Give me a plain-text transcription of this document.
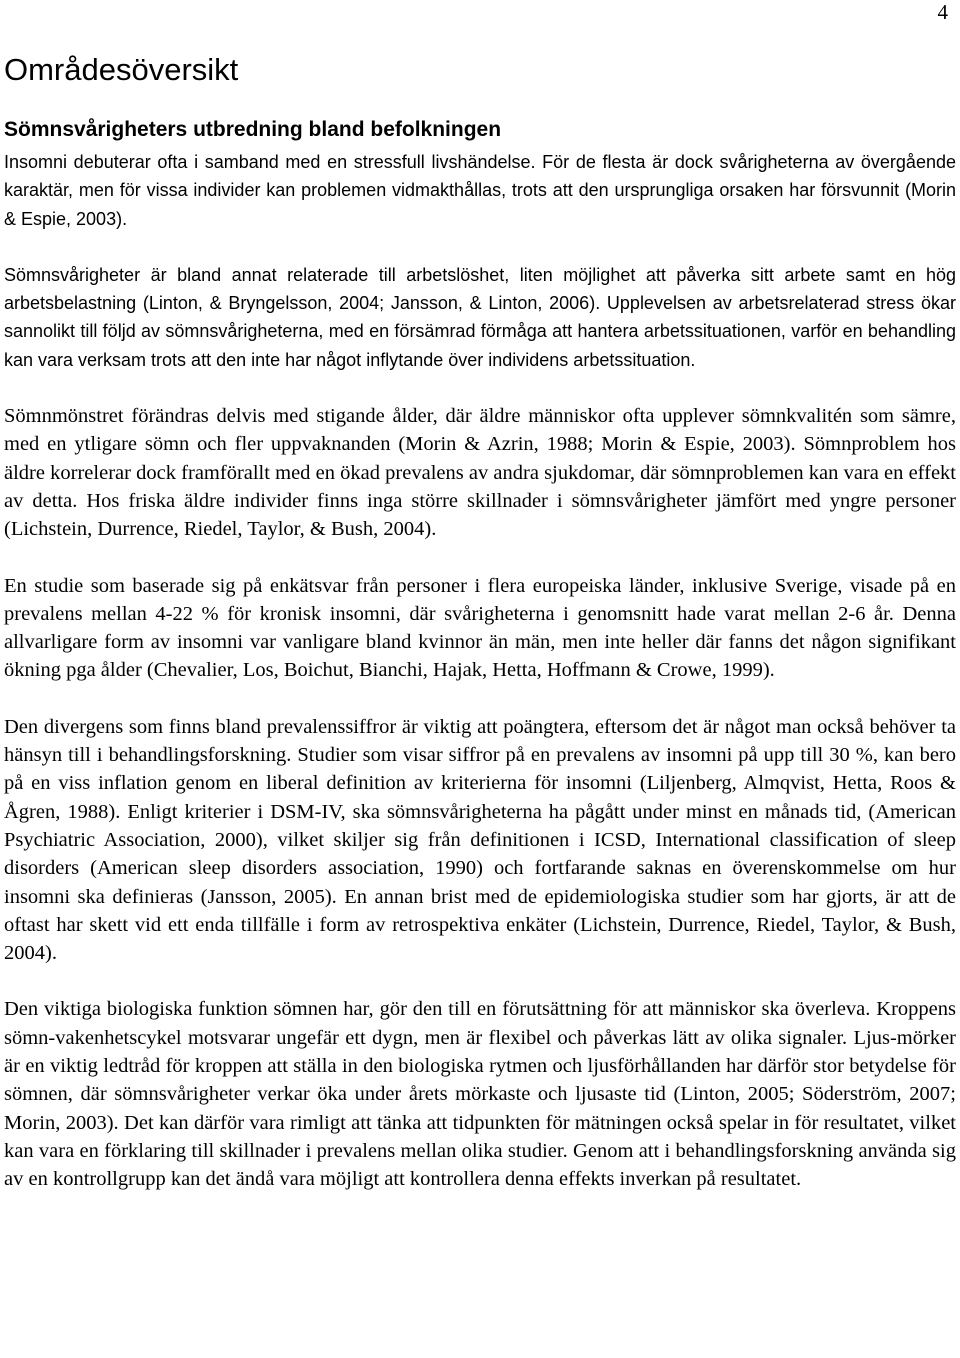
4
Områdesöversikt
Sömnsvårigheters utbredning bland befolkningen

Insomni debuterar ofta i samband med en stressfull livshändelse. För de flesta är dock svårigheterna av övergående karaktär, men för vissa individer kan problemen vidmakthållas, trots att den ursprungliga orsaken har försvunnit (Morin & Espie, 2003).

Sömnsvårigheter är bland annat relaterade till arbetslöshet, liten möjlighet att påverka sitt arbete samt en hög arbetsbelastning (Linton, & Bryngelsson, 2004; Jansson, & Linton, 2006). Upplevelsen av arbetsrelaterad stress ökar sannolikt till följd av sömnsvårigheterna, med en försämrad förmåga att hantera arbetssituationen, varför en behandling kan vara verksam trots att den inte har något inflytande över individens arbetssituation.

Sömnmönstret förändras delvis med stigande ålder, där äldre människor ofta upplever sömnkvalitén som sämre, med en ytligare sömn och fler uppvaknanden (Morin & Azrin, 1988; Morin & Espie, 2003). Sömnproblem hos äldre korrelerar dock framförallt med en ökad prevalens av andra sjukdomar, där sömnproblemen kan vara en effekt av detta. Hos friska äldre individer finns inga större skillnader i sömnsvårigheter jämfört med yngre personer (Lichstein, Durrence, Riedel, Taylor, & Bush, 2004).

En studie som baserade sig på enkätsvar från personer i flera europeiska länder, inklusive Sverige, visade på en prevalens mellan 4-22 % för kronisk insomni, där svårigheterna i genomsnitt hade varat mellan 2-6 år. Denna allvarligare form av insomni var vanligare bland kvinnor än män, men inte heller där fanns det någon signifikant ökning pga ålder (Chevalier, Los, Boichut, Bianchi, Hajak, Hetta, Hoffmann & Crowe, 1999).

Den divergens som finns bland prevalenssiffror är viktig att poängtera, eftersom det är något man också behöver ta hänsyn till i behandlingsforskning. Studier som visar siffror på en prevalens av insomni på upp till 30 %, kan bero på en viss inflation genom en liberal definition av kriterierna för insomni (Liljenberg, Almqvist, Hetta, Roos & Ågren, 1988). Enligt kriterier i DSM-IV, ska sömnsvårigheterna ha pågått under minst en månads tid, (American Psychiatric Association, 2000), vilket skiljer sig från definitionen i ICSD, International classification of sleep disorders (American sleep disorders association, 1990) och fortfarande saknas en överenskommelse om hur insomni ska definieras (Jansson, 2005). En annan brist med de epidemiologiska studier som har gjorts, är att de oftast har skett vid ett enda tillfälle i form av retrospektiva enkäter (Lichstein, Durrence, Riedel, Taylor, & Bush, 2004).

Den viktiga biologiska funktion sömnen har, gör den till en förutsättning för att människor ska överleva. Kroppens sömn-vakenhetscykel motsvarar ungefär ett dygn, men är flexibel och påverkas lätt av olika signaler. Ljus-mörker är en viktig ledtråd för kroppen att ställa in den biologiska rytmen och ljusförhållanden har därför stor betydelse för sömnen, där sömnsvårigheter verkar öka under årets mörkaste och ljusaste tid (Linton, 2005; Söderström, 2007; Morin, 2003). Det kan därför vara rimligt att tänka att tidpunkten för mätningen också spelar in för resultatet, vilket kan vara en förklaring till skillnader i prevalens mellan olika studier. Genom att i behandlingsforskning använda sig av en kontrollgrupp kan det ändå vara möjligt att kontrollera denna effekts inverkan på resultatet.
